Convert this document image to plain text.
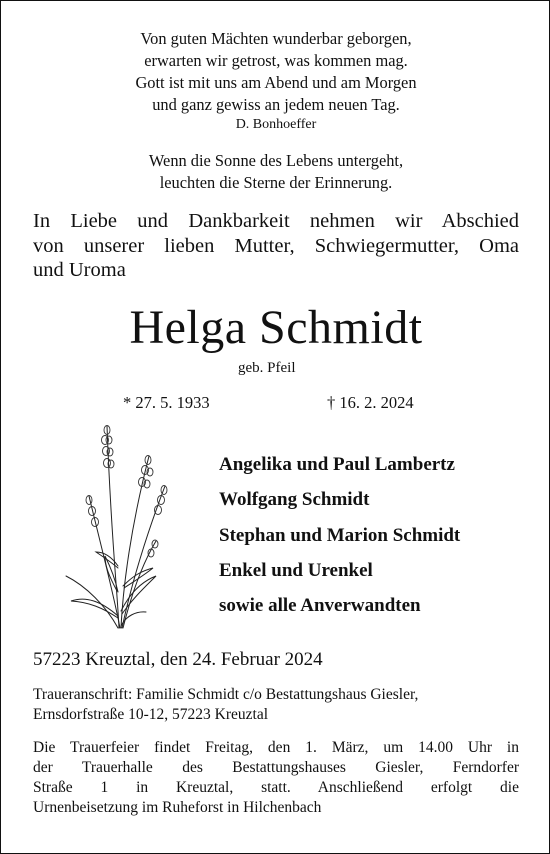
Von guten Mächten wunderbar geborgen,
erwarten wir getrost, was kommen mag.
Gott ist mit uns am Abend und am Morgen
und ganz gewiss an jedem neuen Tag.
D. Bonhoeffer
Wenn die Sonne des Lebens untergeht,
leuchten die Sterne der Erinnerung.
In Liebe und Dankbarkeit nehmen wir Abschied
von unserer lieben Mutter, Schwiegermutter, Oma
und Uroma
Helga Schmidt
geb. Pfeil
* 27. 5. 1933	† 16. 2. 2024
Angelika und Paul Lambertz
Wolfgang Schmidt
Stephan und Marion Schmidt
Enkel und Urenkel
sowie alle Anverwandten
57223 Kreuztal, den 24. Februar 2024
Traueranschrift: Familie Schmidt c/o Bestattungshaus Giesler,
Ernsdorfstraße 10-12, 57223 Kreuztal
Die Trauerfeier findet Freitag, den 1. März, um 14.00 Uhr in
der Trauerhalle des Bestattungshauses Giesler, Ferndorfer
Straße 1 in Kreuztal, statt. Anschließend erfolgt die
Urnenbeisetzung im Ruheforst in Hilchenbach
